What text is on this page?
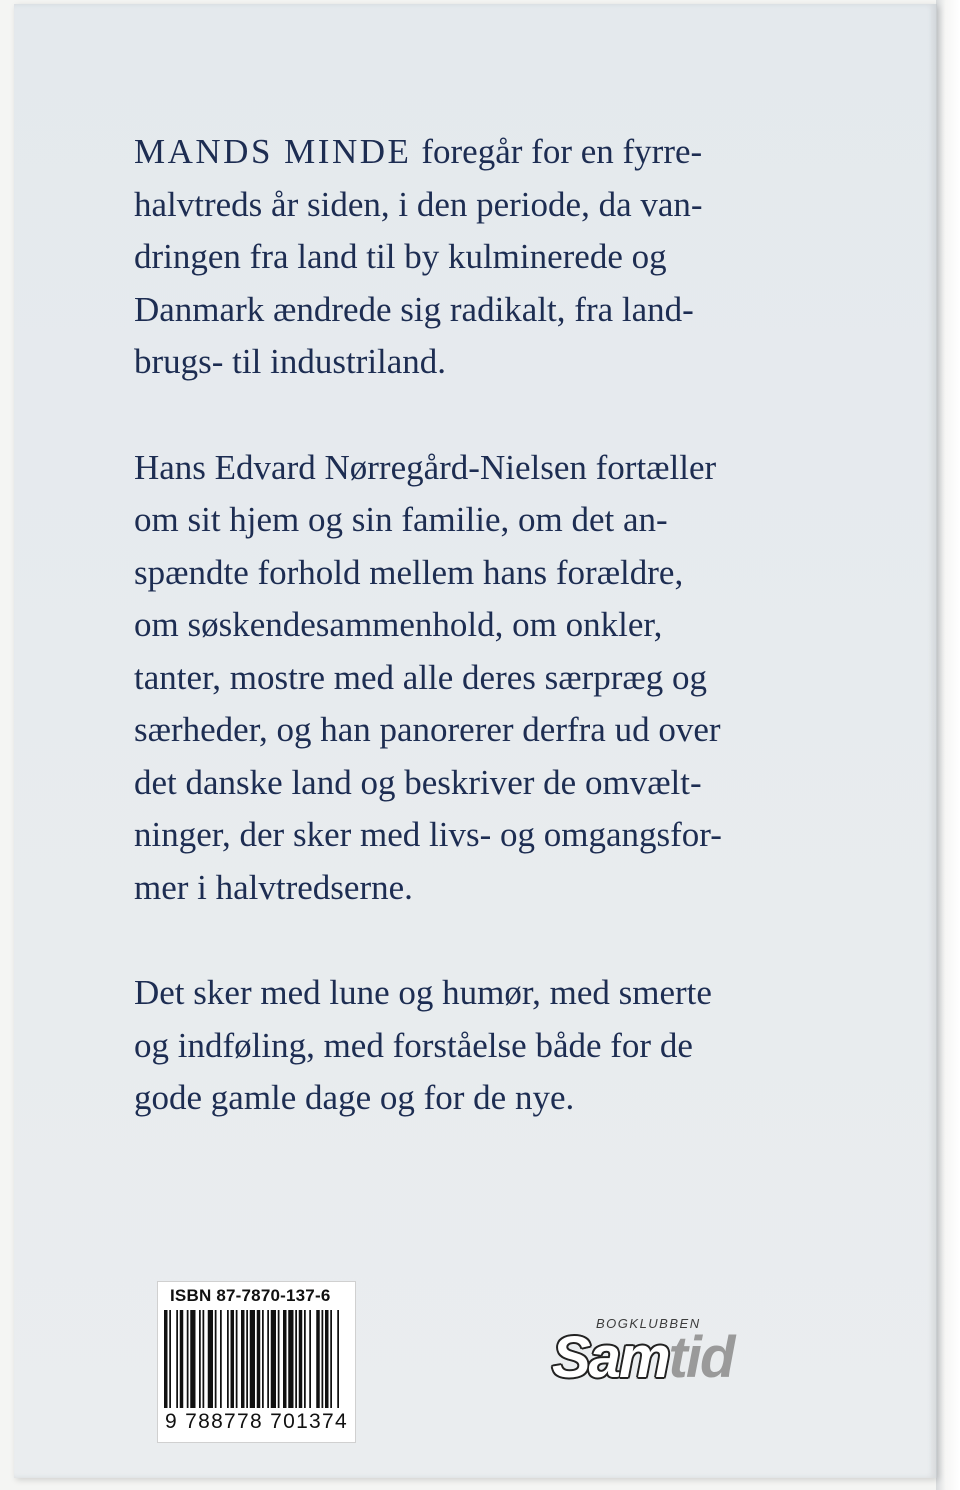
MANDS MINDE foregår for en fyrre-
halvtreds år siden, i den periode, da van-
dringen fra land til by kulminerede og
Danmark ændrede sig radikalt, fra land-
brugs- til industriland.

Hans Edvard Nørregård-Nielsen fortæller
om sit hjem og sin familie, om det an-
spændte forhold mellem hans forældre,
om søskendesammenhold, om onkler,
tanter, mostre med alle deres særpræg og
særheder, og han panorerer derfra ud over
det danske land og beskriver de omvælt-
ninger, der sker med livs- og omgangsfor-
mer i halvtredserne.

Det sker med lune og humør, med smerte
og indføling, med forståelse både for de
gode gamle dage og for de nye.

ISBN 87-7870-137-6
9 788778 701374
BOGKLUBBEN
Samtid
